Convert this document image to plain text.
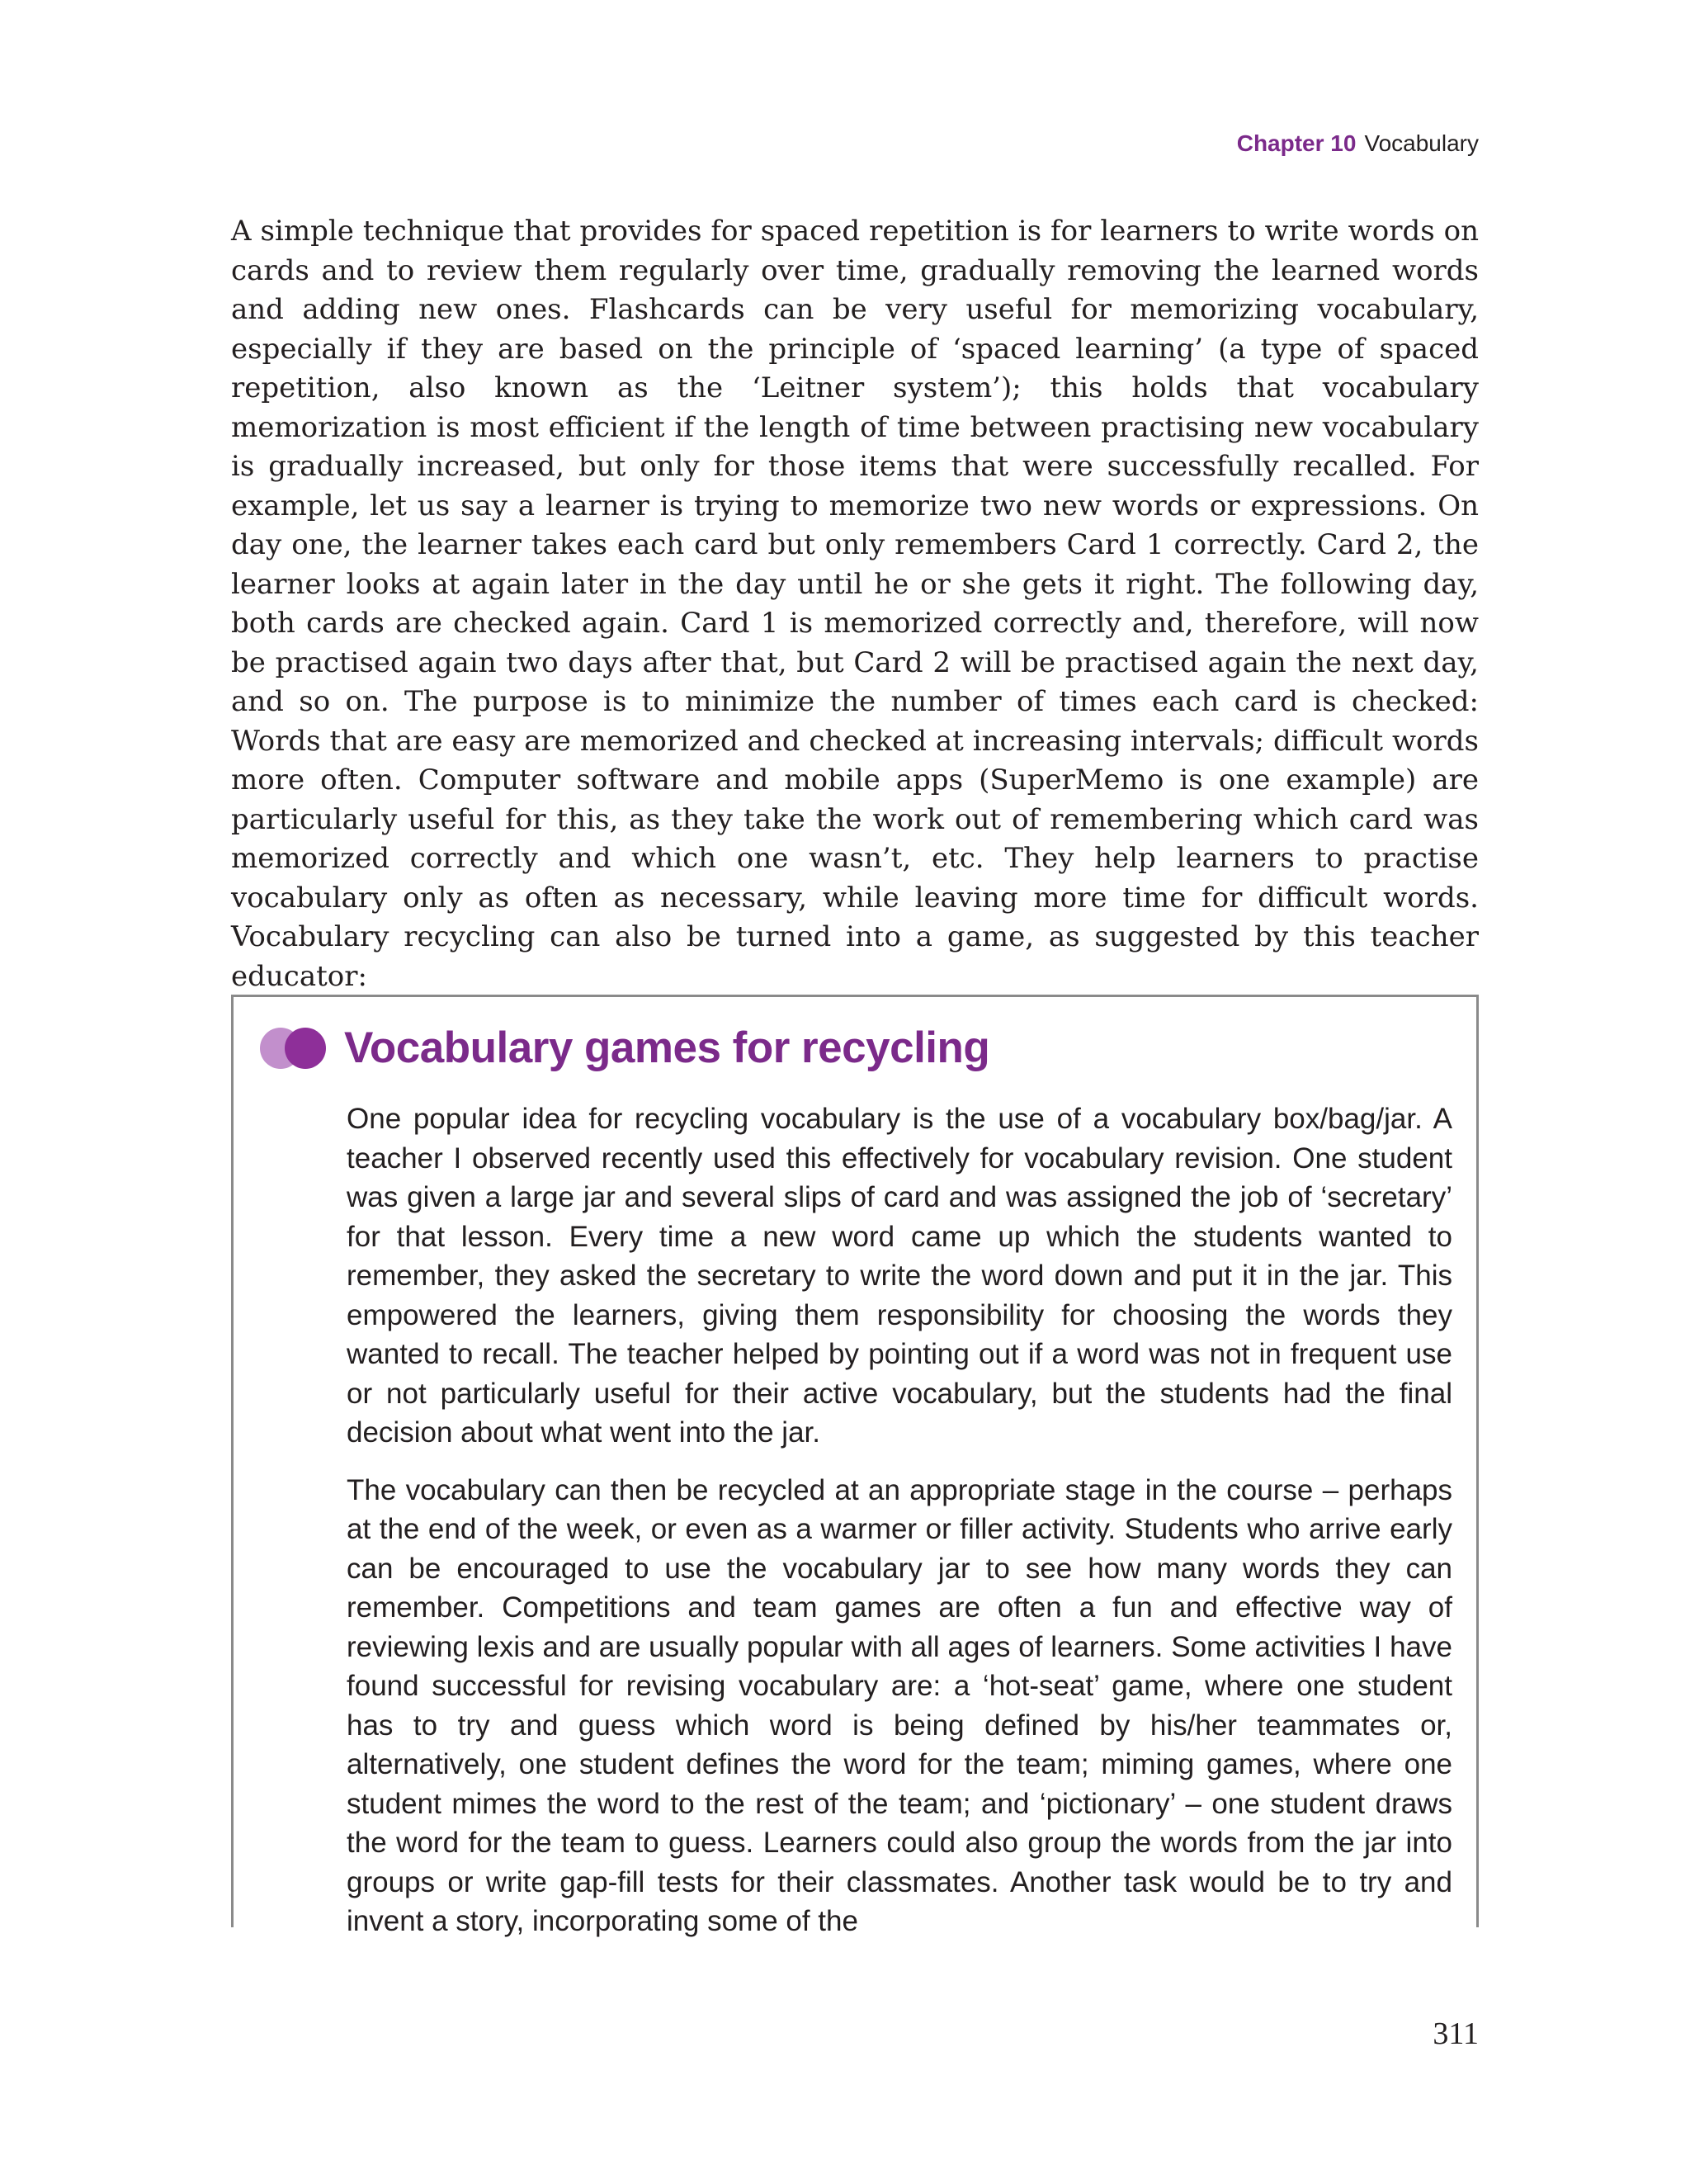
Chapter 10 Vocabulary

A simple technique that provides for spaced repetition is for learners to write words on cards and to review them regularly over time, gradually removing the learned words and adding new ones. Flashcards can be very useful for memorizing vocabulary, especially if they are based on the principle of ‘spaced learning’ (a type of spaced repetition, also known as the ‘Leitner system’); this holds that vocabulary memorization is most efficient if the length of time between practising new vocabulary is gradually increased, but only for those items that were successfully recalled. For example, let us say a learner is trying to memorize two new words or expressions. On day one, the learner takes each card but only remembers Card 1 correctly. Card 2, the learner looks at again later in the day until he or she gets it right. The following day, both cards are checked again. Card 1 is memorized correctly and, therefore, will now be practised again two days after that, but Card 2 will be practised again the next day, and so on. The purpose is to minimize the number of times each card is checked: Words that are easy are memorized and checked at increasing intervals; difficult words more often. Computer software and mobile apps (SuperMemo is one example) are particularly useful for this, as they take the work out of remembering which card was memorized correctly and which one wasn’t, etc. They help learners to practise vocabulary only as often as necessary, while leaving more time for difficult words. Vocabulary recycling can also be turned into a game, as suggested by this teacher educator:

Vocabulary games for recycling

One popular idea for recycling vocabulary is the use of a vocabulary box/bag/jar. A teacher I observed recently used this effectively for vocabulary revision. One student was given a large jar and several slips of card and was assigned the job of ‘secretary’ for that lesson. Every time a new word came up which the students wanted to remember, they asked the secretary to write the word down and put it in the jar. This empowered the learners, giving them responsibility for choosing the words they wanted to recall. The teacher helped by pointing out if a word was not in frequent use or not particularly useful for their active vocabulary, but the students had the final decision about what went into the jar.

The vocabulary can then be recycled at an appropriate stage in the course – perhaps at the end of the week, or even as a warmer or filler activity. Students who arrive early can be encouraged to use the vocabulary jar to see how many words they can remember. Competitions and team games are often a fun and effective way of reviewing lexis and are usually popular with all ages of learners. Some activities I have found successful for revising vocabulary are: a ‘hot-seat’ game, where one student has to try and guess which word is being defined by his/her teammates or, alternatively, one student defines the word for the team; miming games, where one student mimes the word to the rest of the team; and ‘pictionary’ – one student draws the word for the team to guess. Learners could also group the words from the jar into groups or write gap-fill tests for their classmates. Another task would be to try and invent a story, incorporating some of the

311
